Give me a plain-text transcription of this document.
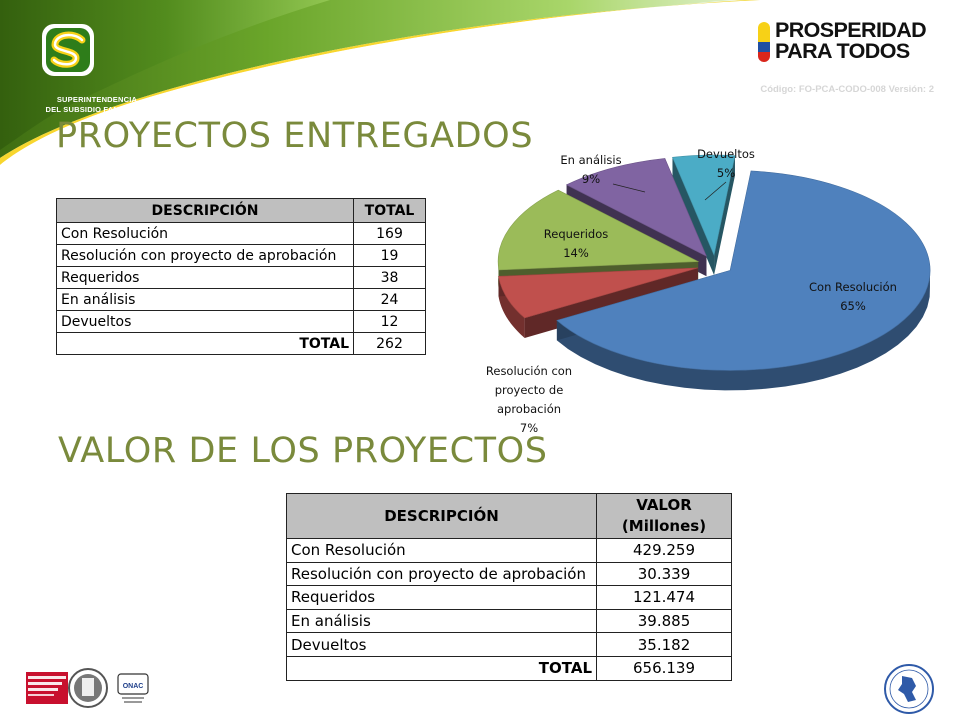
SUPERINTENDENCIA
DEL SUBSIDIO FAMILIAR
PROSPERIDAD
PARA TODOS
Código: FO-PCA-CODO-008 Versión: 2
PROYECTOS ENTREGADOS
DESCRIPCIÓN	TOTAL
Con Resolución	169
Resolución con proyecto de aprobación	19
Requeridos	38
En análisis	24
Devueltos	12
TOTAL	262
Con Resolución 65%
Resolución con proyecto de aprobación 7%
Requeridos 14%
En análisis 9%
Devueltos 5%
VALOR DE LOS PROYECTOS
DESCRIPCIÓN	VALOR
(Millones)

Con Resolución	429.259
Resolución con proyecto de aprobación	30.339
Requeridos	121.474
En análisis	39.885
Devueltos	35.182
TOTAL	656.139
ONAC
